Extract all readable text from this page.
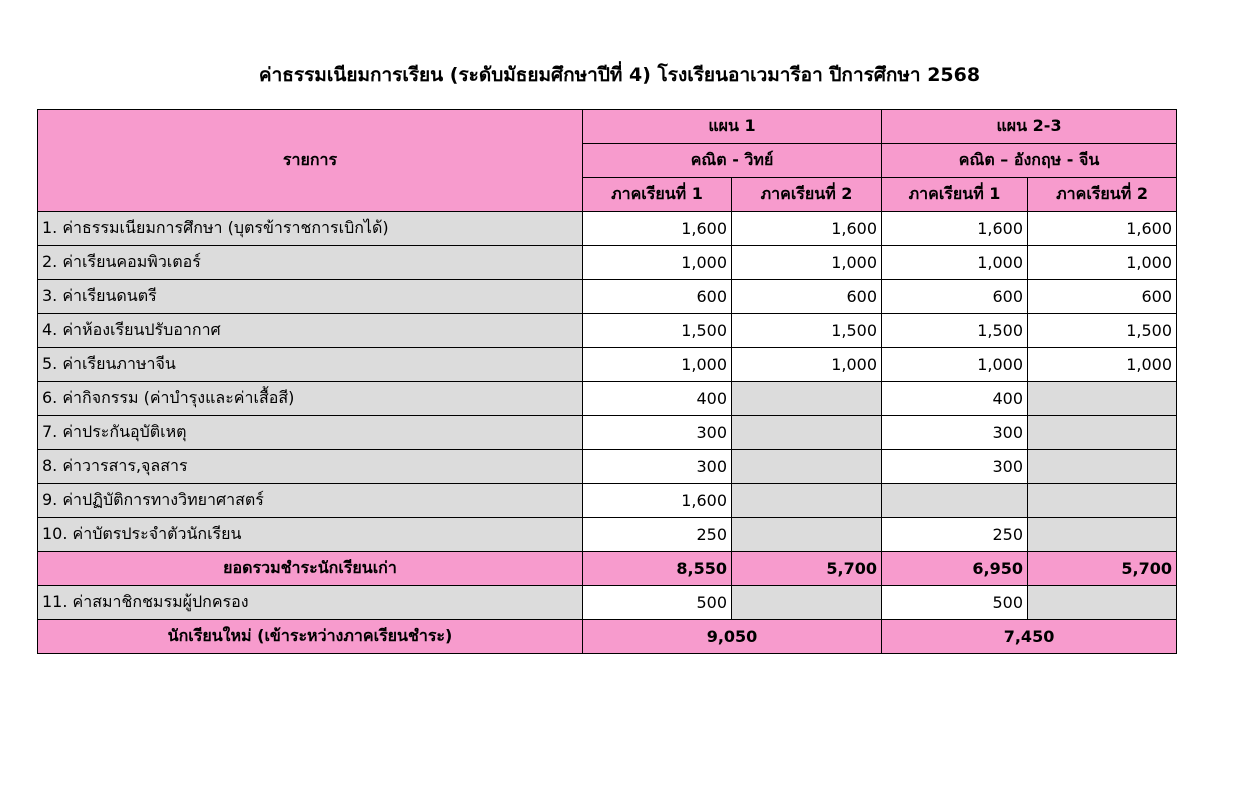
ค่าธรรมเนียมการเรียน (ระดับมัธยมศึกษาปีที่ 4) โรงเรียนอาเวมารีอา ปีการศึกษา 2568
รายการ	แผน 1		แผน 2-3	
	คณิต - วิทย์		คณิต – อังกฤษ - จีน	
	ภาคเรียนที่ 1	ภาคเรียนที่ 2	ภาคเรียนที่ 1	ภาคเรียนที่ 2
1. ค่าธรรมเนียมการศึกษา (บุตรข้าราชการเบิกได้)	1,600	1,600	1,600	1,600
2. ค่าเรียนคอมพิวเตอร์	1,000	1,000	1,000	1,000
3. ค่าเรียนดนตรี	600	600	600	600
4. ค่าห้องเรียนปรับอากาศ	1,500	1,500	1,500	1,500
5. ค่าเรียนภาษาจีน	1,000	1,000	1,000	1,000
6. ค่ากิจกรรม (ค่าบำรุงและค่าเสื้อสี)	400		400	
7. ค่าประกันอุบัติเหตุ	300		300	
8. ค่าวารสาร,จุลสาร	300		300	
9. ค่าปฏิบัติการทางวิทยาศาสตร์	1,600			
10. ค่าบัตรประจำตัวนักเรียน	250		250	
ยอดรวมชำระนักเรียนเก่า	8,550	5,700	6,950	5,700
11. ค่าสมาชิกชมรมผู้ปกครอง	500		500	
นักเรียนใหม่ (เข้าระหว่างภาคเรียนชำระ)	9,050		7,450	
